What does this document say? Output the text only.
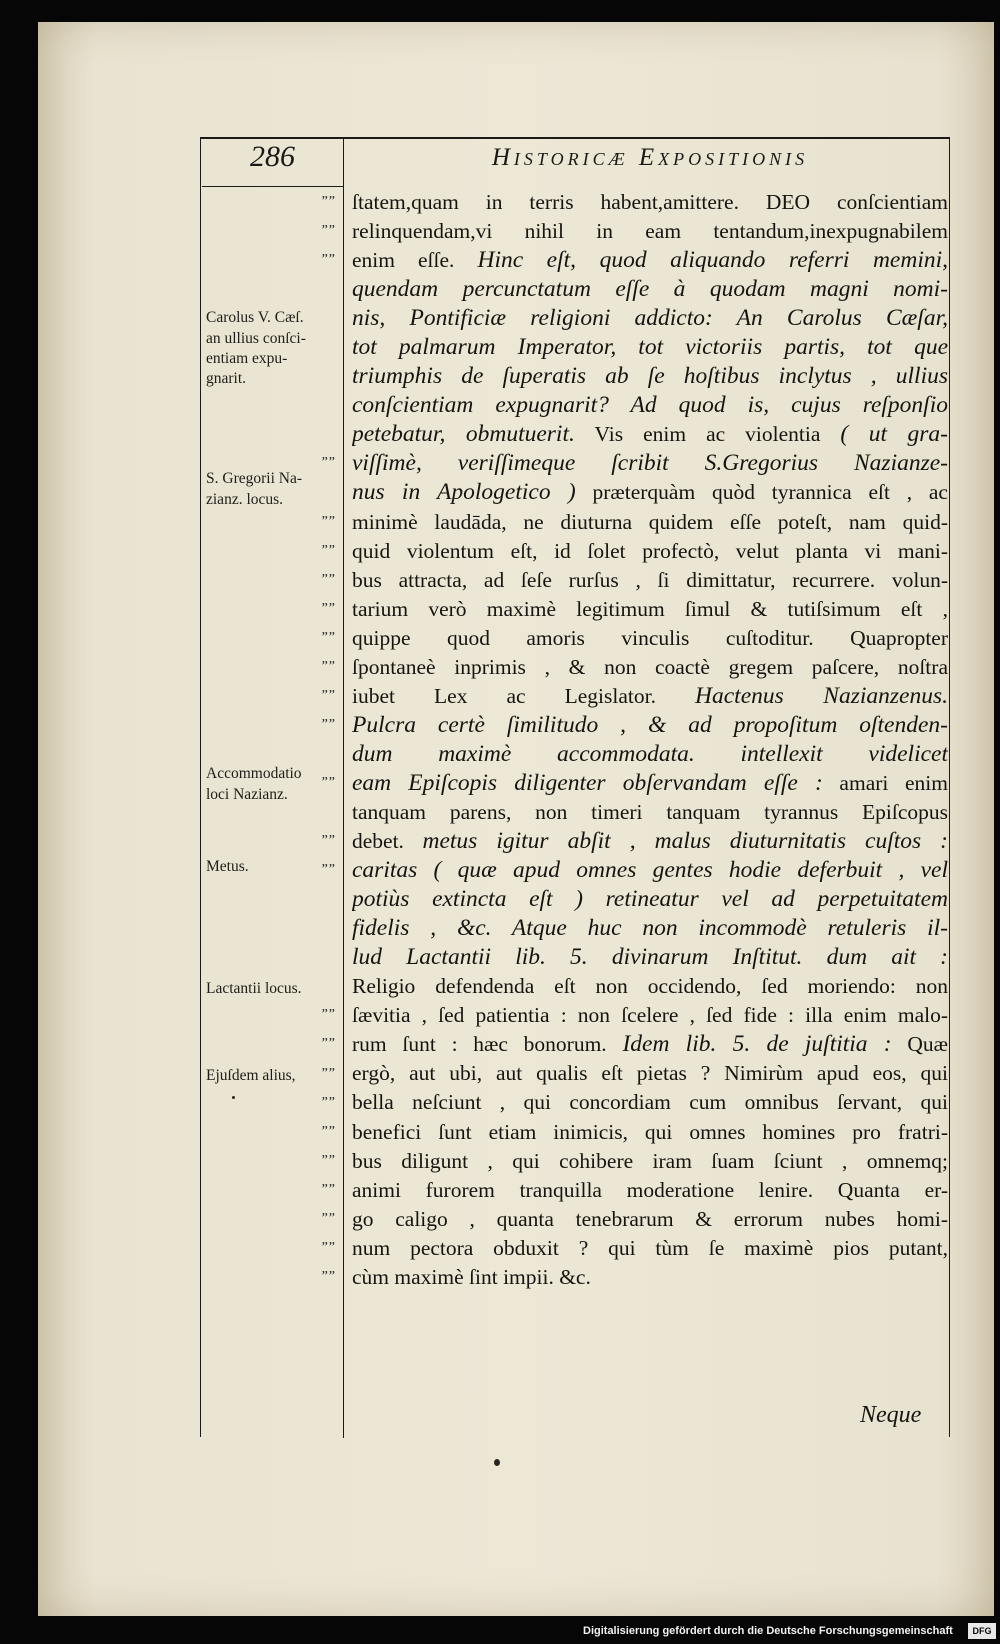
286	Historicæ Expositionis
ſtatem,quam in terris habent,amittere. DEO conſcientiam
relinquendam,vi nihil in eam tentandum,inexpugnabilem
enim eſſe. Hinc eſt, quod aliquando referri memini,
quendam percunctatum eſſe à quodam magni nomi-
nis, Pontificiæ religioni addicto: An Carolus Cæſar,
tot palmarum Imperator, tot victoriis partis, tot que
triumphis de ſuperatis ab ſe hoſtibus inclytus , ullius
conſcientiam expugnarit? Ad quod is, cujus reſponſio
petebatur, obmutuerit. Vis enim ac violentia ( ut gra-
viſſimè, veriſſimeque ſcribit S.Gregorius Nazianze-
nus in Apologetico ) præterquàm quòd tyrannica eſt , ac
minimè laudāda, ne diuturna quidem eſſe poteſt, nam quid-
quid violentum eſt, id ſolet profectò, velut planta vi mani-
bus attracta, ad ſeſe rurſus , ſi dimittatur, recurrere. volun-
tarium verò maximè legitimum ſimul & tutiſsimum eſt ,
quippe quod amoris vinculis cuſtoditur. Quapropter
ſpontaneè inprimis , & non coactè gregem paſcere, noſtra
iubet Lex ac Legislator. Hactenus Nazianzenus.
Pulcra certè ſimilitudo , & ad propoſitum oſtenden-
dum maximè accommodata. intellexit videlicet
eam Epiſcopis diligenter obſervandam eſſe : amari enim
tanquam parens, non timeri tanquam tyrannus Epiſcopus
debet. metus igitur abſit , malus diuturnitatis cuſtos :
caritas ( quæ apud omnes gentes hodie deferbuit , vel
potiùs extincta eſt ) retineatur vel ad perpetuitatem
fidelis , &c. Atque huc non incommodè retuleris il-
lud Lactantii lib. 5. divinarum Inſtitut. dum ait :
Religio defendenda eſt non occidendo, ſed moriendo: non
ſævitia , ſed patientia : non ſcelere , ſed fide : illa enim malo-
rum ſunt : hæc bonorum. Idem lib. 5. de juſtitia : Quæ
ergò, aut ubi, aut qualis eſt pietas ? Nimirùm apud eos, qui
bella neſciunt , qui concordiam cum omnibus ſervant, qui
benefici ſunt etiam inimicis, qui omnes homines pro fratri-
bus diligunt , qui cohibere iram ſuam ſciunt , omnemq;
animi furorem tranquilla moderatione lenire. Quanta er-
go caligo , quanta tenebrarum & errorum nubes homi-
num pectora obduxit ? qui tùm ſe maximè pios putant,
cùm maximè ſint impii. &c.
””
””
””
””
””
””
””
””
””
””
””
””
””
””
””
””
””
””
””
””
””
””
””
””
””
Carolus V. Cæſ.
an ullius conſci-
entiam expu-
gnarit.
S. Gregorii Na-
zianz. locus.
Accommodatio
loci Nazianz.
Metus.
Lactantii locus.
Ejuſdem alius,
Neque
Digitalisierung gefördert durch die Deutsche Forschungsgemeinschaft	DFG
